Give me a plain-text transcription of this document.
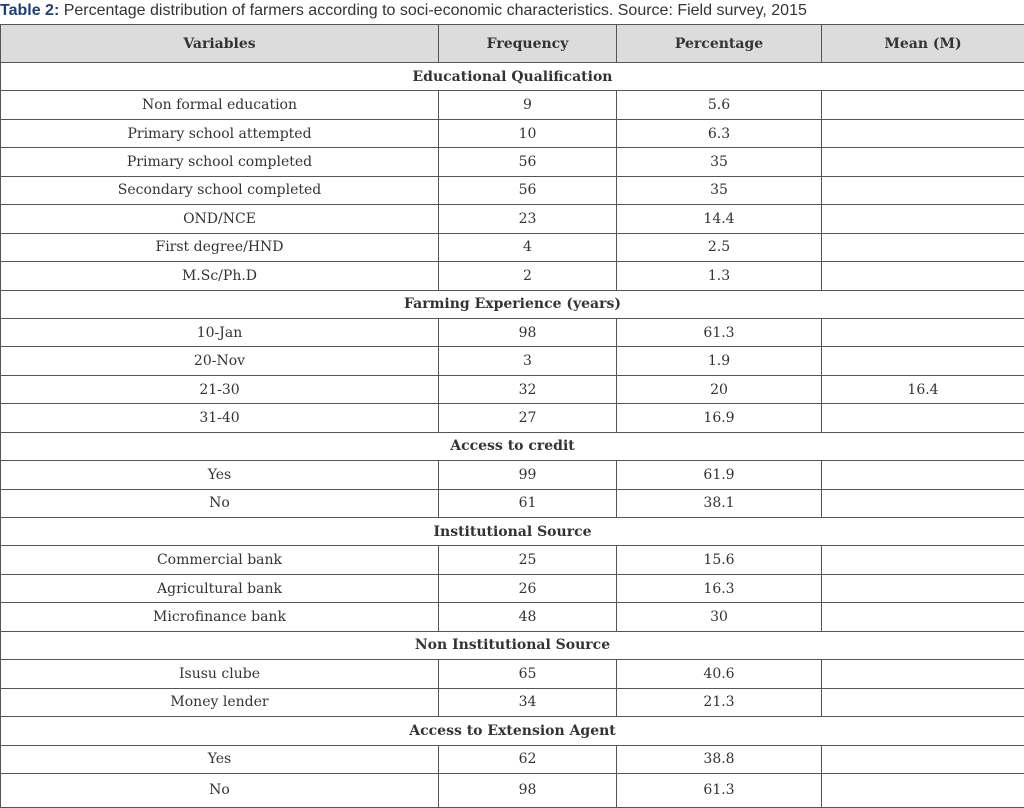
Table 2: Percentage distribution of farmers according to soci-economic characteristics. Source: Field survey, 2015
Variables	Frequency	Percentage	Mean (M)
Educational Qualification			
Non formal education	9	5.6	
Primary school attempted	10	6.3	
Primary school completed	56	35	
Secondary school completed	56	35	
OND/NCE	23	14.4	
First degree/HND	4	2.5	
M.Sc/Ph.D	2	1.3	
Farming Experience (years)			
10-Jan	98	61.3	
20-Nov	3	1.9	
21-30	32	20	16.4
31-40	27	16.9	
Access to credit			
Yes	99	61.9	
No	61	38.1	
Institutional Source			
Commercial bank	25	15.6	
Agricultural bank	26	16.3	
Microfinance bank	48	30	
Non Institutional Source			
Isusu clube	65	40.6	
Money lender	34	21.3	
Access to Extension Agent			
Yes	62	38.8	
No	98	61.3	
